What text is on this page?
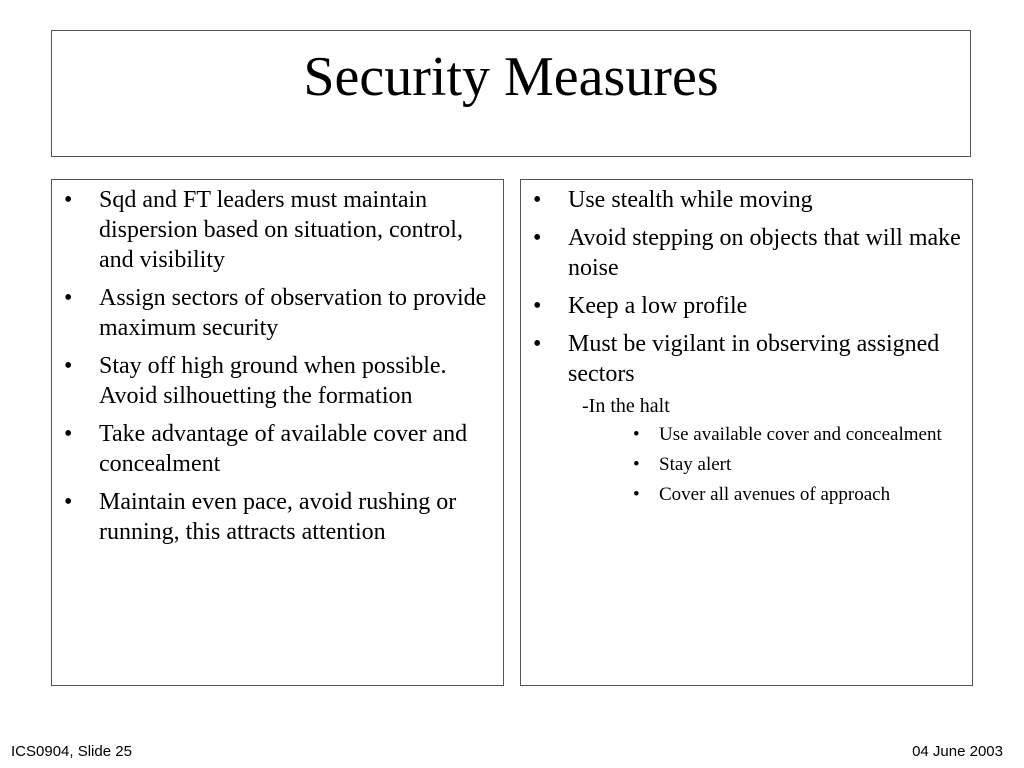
Security Measures
• Sqd and FT leaders must maintain dispersion based on situation, control, and visibility
• Assign sectors of observation to provide maximum security
• Stay off high ground when possible.  Avoid silhouetting the formation
• Take advantage of available cover and concealment
• Maintain even pace, avoid rushing or running, this attracts attention
• Use stealth while moving
• Avoid stepping on objects that will make noise
• Keep a low profile
• Must be vigilant in observing assigned sectors
-In the halt
• Use available cover and concealment
• Stay alert
• Cover all avenues of approach
ICS0904, Slide 25	04 June 2003
